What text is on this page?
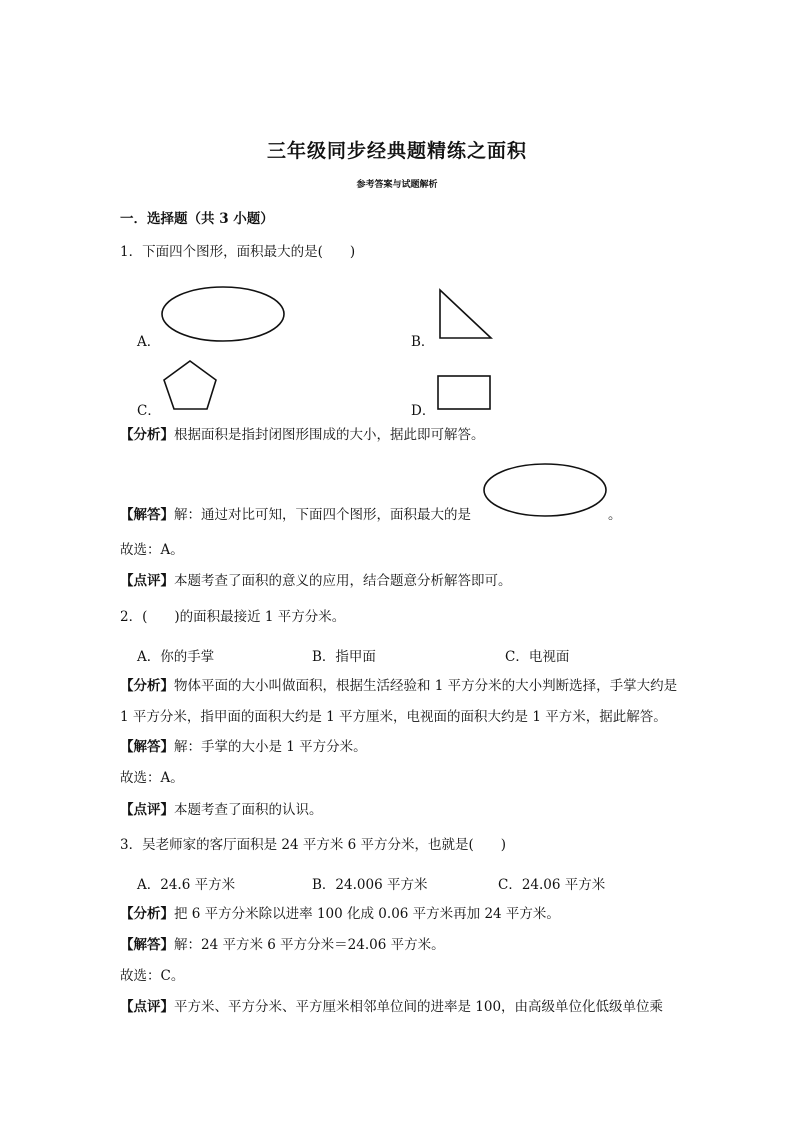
三年级同步经典题精练之面积
参考答案与试题解析
一．选择题（共 3 小题）
1．下面四个图形，面积最大的是(　　)
A．	B．
C．	D．
【分析】根据面积是指封闭图形围成的大小，据此即可解答。
【解答】解：通过对比可知，下面四个图形，面积最大的是	。
故选：A。
【点评】本题考查了面积的意义的应用，结合题意分析解答即可。
2．(　　)的面积最接近 1 平方分米。
A．你的手掌	B．指甲面	C．电视面
【分析】物体平面的大小叫做面积，根据生活经验和 1 平方分米的大小判断选择，手掌大约是
1 平方分米，指甲面的面积大约是 1 平方厘米，电视面的面积大约是 1 平方米，据此解答。
【解答】解：手掌的大小是 1 平方分米。
故选：A。
【点评】本题考查了面积的认识。
3．吴老师家的客厅面积是 24 平方米 6 平方分米，也就是(　　)
A．24.6 平方米	B．24.006 平方米	C．24.06 平方米
【分析】把 6 平方分米除以进率 100 化成 0.06 平方米再加 24 平方米。
【解答】解：24 平方米 6 平方分米＝24.06 平方米。
故选：C。
【点评】平方米、平方分米、平方厘米相邻单位间的进率是 100，由高级单位化低级单位乘
